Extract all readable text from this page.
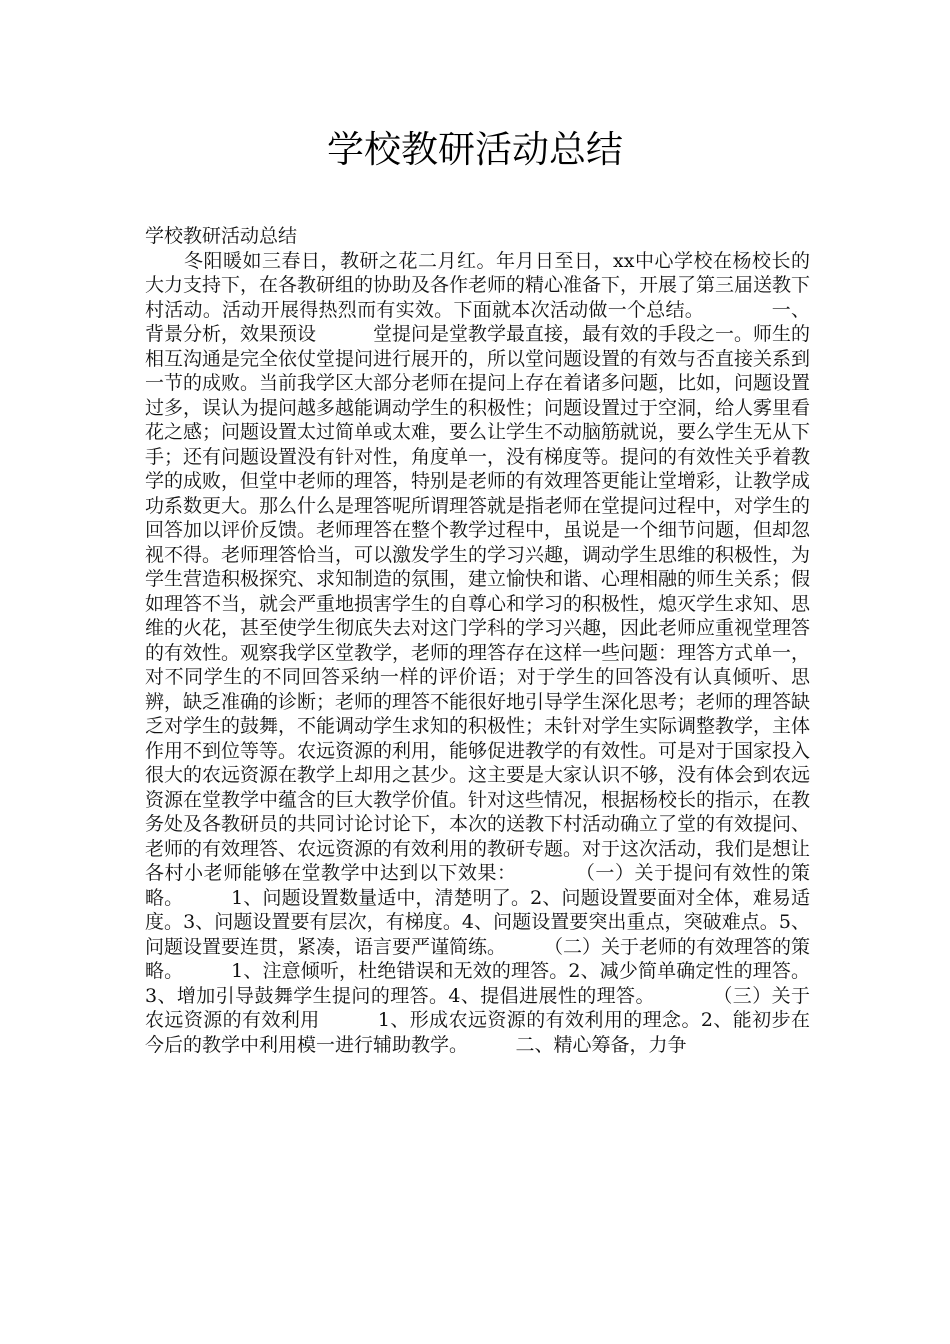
学校教研活动总结
学校教研活动总结
　　冬阳暖如三春日，教研之花二月红。年月日至日，xx中心学校在杨校长的大力支持下，在各教研组的协助及各作老师的精心准备下，开展了第三届送教下村活动。活动开展得热烈而有实效。下面就本次活动做一个总结。　　　　一、背景分析，效果预设　　　堂提问是堂教学最直接，最有效的手段之一。师生的相互沟通是完全依仗堂提问进行展开的，所以堂问题设置的有效与否直接关系到一节的成败。当前我学区大部分老师在提问上存在着诸多问题，比如，问题设置过多，误认为提问越多越能调动学生的积极性；问题设置过于空洞，给人雾里看花之感；问题设置太过简单或太难，要么让学生不动脑筋就说，要么学生无从下手；还有问题设置没有针对性，角度单一，没有梯度等。提问的有效性关乎着教学的成败，但堂中老师的理答，特别是老师的有效理答更能让堂增彩，让教学成功系数更大。那么什么是理答呢所谓理答就是指老师在堂提问过程中，对学生的回答加以评价反馈。老师理答在整个教学过程中，虽说是一个细节问题，但却忽视不得。老师理答恰当，可以激发学生的学习兴趣，调动学生思维的积极性，为学生营造积极探究、求知制造的氛围，建立愉快和谐、心理相融的师生关系；假如理答不当，就会严重地损害学生的自尊心和学习的积极性，熄灭学生求知、思维的火花，甚至使学生彻底失去对这门学科的学习兴趣，因此老师应重视堂理答的有效性。观察我学区堂教学，老师的理答存在这样一些问题：理答方式单一，对不同学生的不同回答采纳一样的评价语；对于学生的回答没有认真倾听、思辨，缺乏准确的诊断；老师的理答不能很好地引导学生深化思考；老师的理答缺乏对学生的鼓舞，不能调动学生求知的积极性；未针对学生实际调整教学，主体作用不到位等等。农远资源的利用，能够促进教学的有效性。可是对于国家投入很大的农远资源在教学上却用之甚少。这主要是大家认识不够，没有体会到农远资源在堂教学中蕴含的巨大教学价值。针对这些情况，根据杨校长的指示，在教务处及各教研员的共同讨论讨论下，本次的送教下村活动确立了堂的有效提问、老师的有效理答、农远资源的有效利用的教研专题。对于这次活动，我们是想让各村小老师能够在堂教学中达到以下效果：　　　　（一）关于提问有效性的策略。　　　1、问题设置数量适中，清楚明了。2、问题设置要面对全体，难易适度。3、问题设置要有层次，有梯度。4、问题设置要突出重点，突破难点。5、问题设置要连贯，紧凑，语言要严谨简练。　　　（二）关于老师的有效理答的策略。　　　1、注意倾听，杜绝错误和无效的理答。2、减少简单确定性的理答。3、增加引导鼓舞学生提问的理答。4、提倡进展性的理答。　　　　（三）关于农远资源的有效利用　　　1、形成农远资源的有效利用的理念。2、能初步在今后的教学中利用模一进行辅助教学。　　　二、精心筹备，力争
